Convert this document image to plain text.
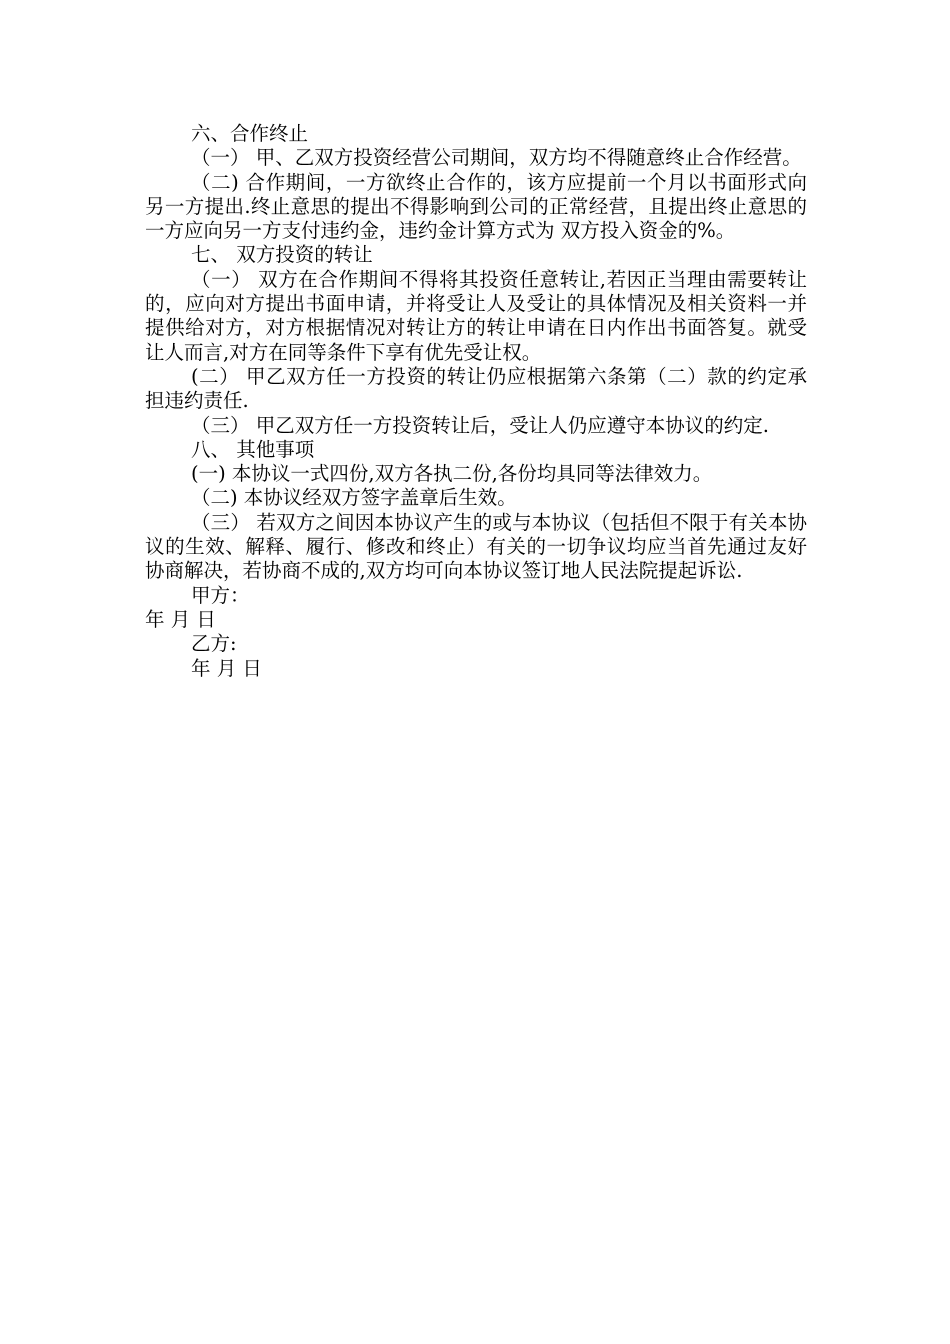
六、合作终止

（一） 甲、乙双方投资经营公司期间，双方均不得随意终止合作经营。

（二) 合作期间，一方欲终止合作的，该方应提前一个月以书面形式向另一方提出.终止意思的提出不得影响到公司的正常经营，且提出终止意思的一方应向另一方支付违约金，违约金计算方式为 双方投入资金的%。

七、 双方投资的转让

（一） 双方在合作期间不得将其投资任意转让,若因正当理由需要转让的，应向对方提出书面申请，并将受让人及受让的具体情况及相关资料一并提供给对方，对方根据情况对转让方的转让申请在日内作出书面答复。就受让人而言,对方在同等条件下享有优先受让权。

(二） 甲乙双方任一方投资的转让仍应根据第六条第（二）款的约定承担违约责任.

（三） 甲乙双方任一方投资转让后，受让人仍应遵守本协议的约定.

八、 其他事项

(一) 本协议一式四份,双方各执二份,各份均具同等法律效力。

（二) 本协议经双方签字盖章后生效。

（三） 若双方之间因本协议产生的或与本协议（包括但不限于有关本协议的生效、解释、履行、修改和终止）有关的一切争议均应当首先通过友好协商解决，若协商不成的,双方均可向本协议签订地人民法院提起诉讼.

甲方：

年 月 日

乙方:

年 月 日
